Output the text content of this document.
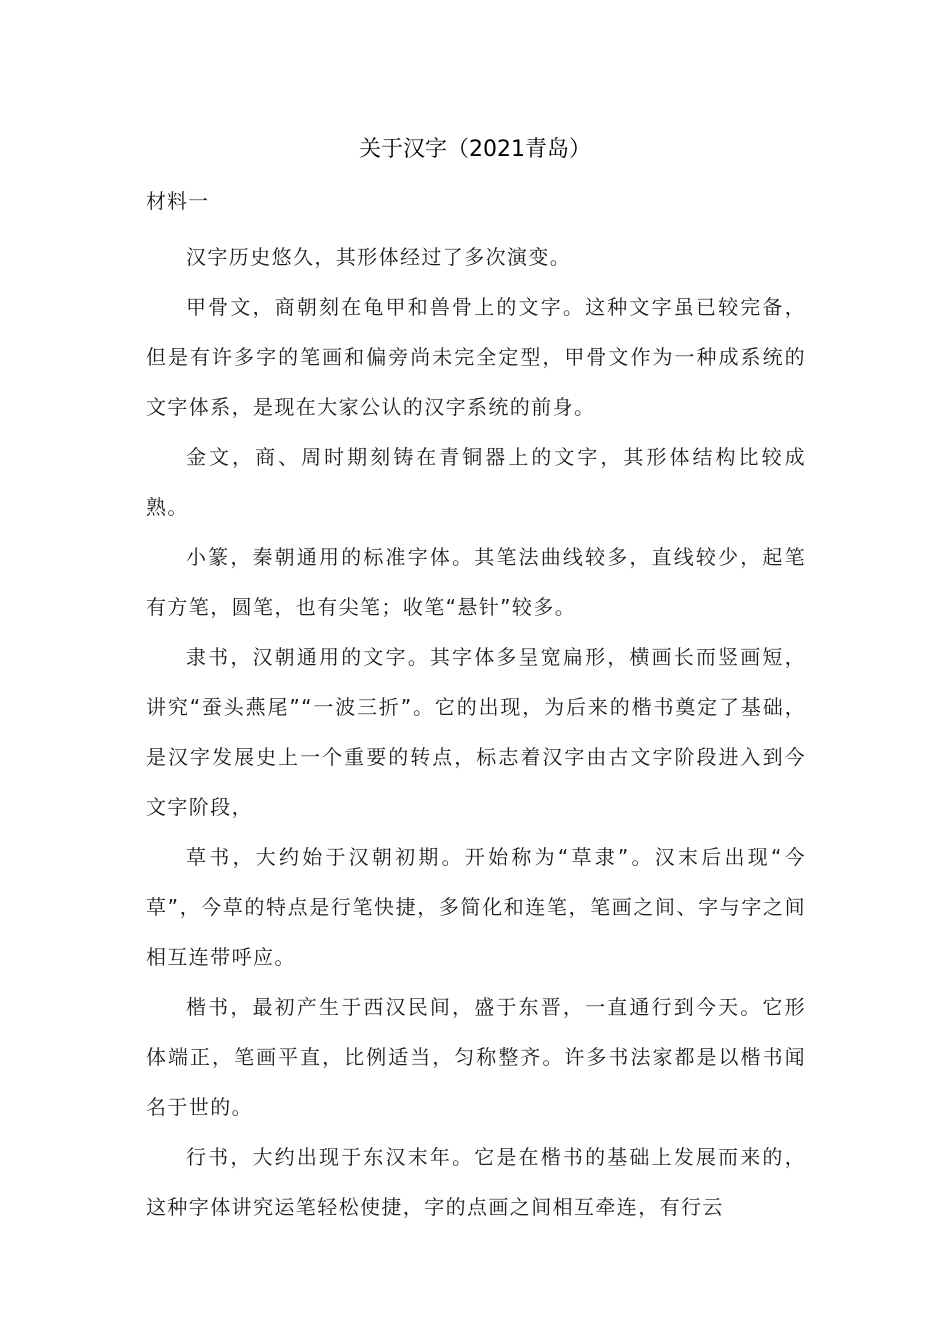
关于汉字（2021青岛）
材料一

汉字历史悠久，其形体经过了多次演变。

甲骨文，商朝刻在龟甲和兽骨上的文字。这种文字虽已较完备，但是有许多字的笔画和偏旁尚未完全定型，甲骨文作为一种成系统的文字体系，是现在大家公认的汉字系统的前身。

金文，商、周时期刻铸在青铜器上的文字，其形体结构比较成熟。

小篆，秦朝通用的标准字体。其笔法曲线较多，直线较少，起笔有方笔，圆笔，也有尖笔；收笔“悬针”较多。

隶书，汉朝通用的文字。其字体多呈宽扁形，横画长而竖画短，讲究“蚕头燕尾”“一波三折”。它的出现，为后来的楷书奠定了基础，是汉字发展史上一个重要的转点，标志着汉字由古文字阶段进入到今文字阶段，

草书，大约始于汉朝初期。开始称为“草隶”。汉末后出现“今草”，今草的特点是行笔快捷，多简化和连笔，笔画之间、字与字之间相互连带呼应。

楷书，最初产生于西汉民间，盛于东晋，一直通行到今天。它形体端正，笔画平直，比例适当，匀称整齐。许多书法家都是以楷书闻名于世的。

行书，大约出现于东汉末年。它是在楷书的基础上发展而来的，这种字体讲究运笔轻松使捷，字的点画之间相互牵连，有行云
